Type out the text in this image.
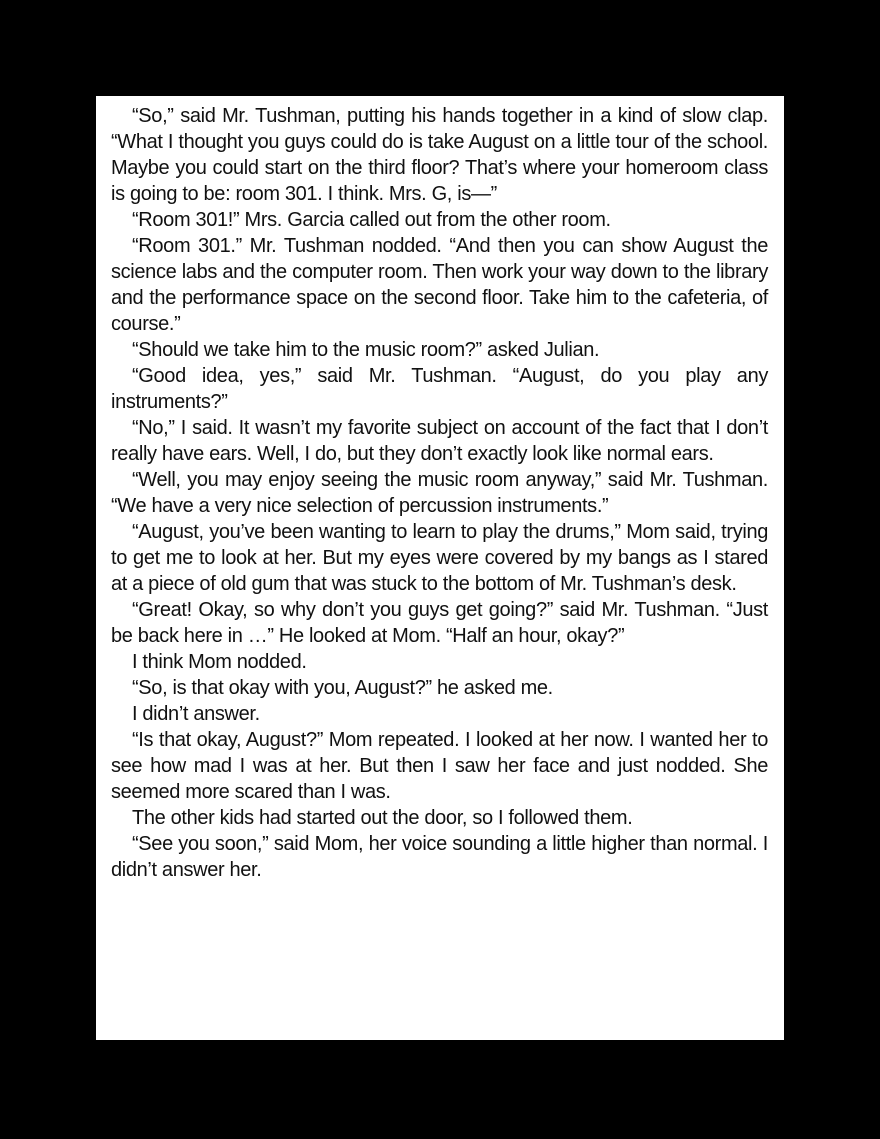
“So,” said Mr. Tushman, putting his hands together in a kind of slow clap. “What I thought you guys could do is take August on a little tour of the school. Maybe you could start on the third floor? That’s where your homeroom class is going to be: room 301. I think. Mrs. G, is—”

“Room 301!” Mrs. Garcia called out from the other room.

“Room 301.” Mr. Tushman nodded. “And then you can show August the science labs and the computer room. Then work your way down to the library and the performance space on the second floor. Take him to the cafeteria, of course.”

“Should we take him to the music room?” asked Julian.

“Good idea, yes,” said Mr. Tushman. “August, do you play any instruments?”

“No,” I said. It wasn’t my favorite subject on account of the fact that I don’t really have ears. Well, I do, but they don’t exactly look like normal ears.

“Well, you may enjoy seeing the music room anyway,” said Mr. Tushman. “We have a very nice selection of percussion instruments.”

“August, you’ve been wanting to learn to play the drums,” Mom said, trying to get me to look at her. But my eyes were covered by my bangs as I stared at a piece of old gum that was stuck to the bottom of Mr. Tushman’s desk.

“Great! Okay, so why don’t you guys get going?” said Mr. Tushman. “Just be back here in …” He looked at Mom. “Half an hour, okay?”

I think Mom nodded.

“So, is that okay with you, August?” he asked me.

I didn’t answer.

“Is that okay, August?” Mom repeated. I looked at her now. I wanted her to see how mad I was at her. But then I saw her face and just nodded. She seemed more scared than I was.

The other kids had started out the door, so I followed them.

“See you soon,” said Mom, her voice sounding a little higher than normal. I didn’t answer her.
